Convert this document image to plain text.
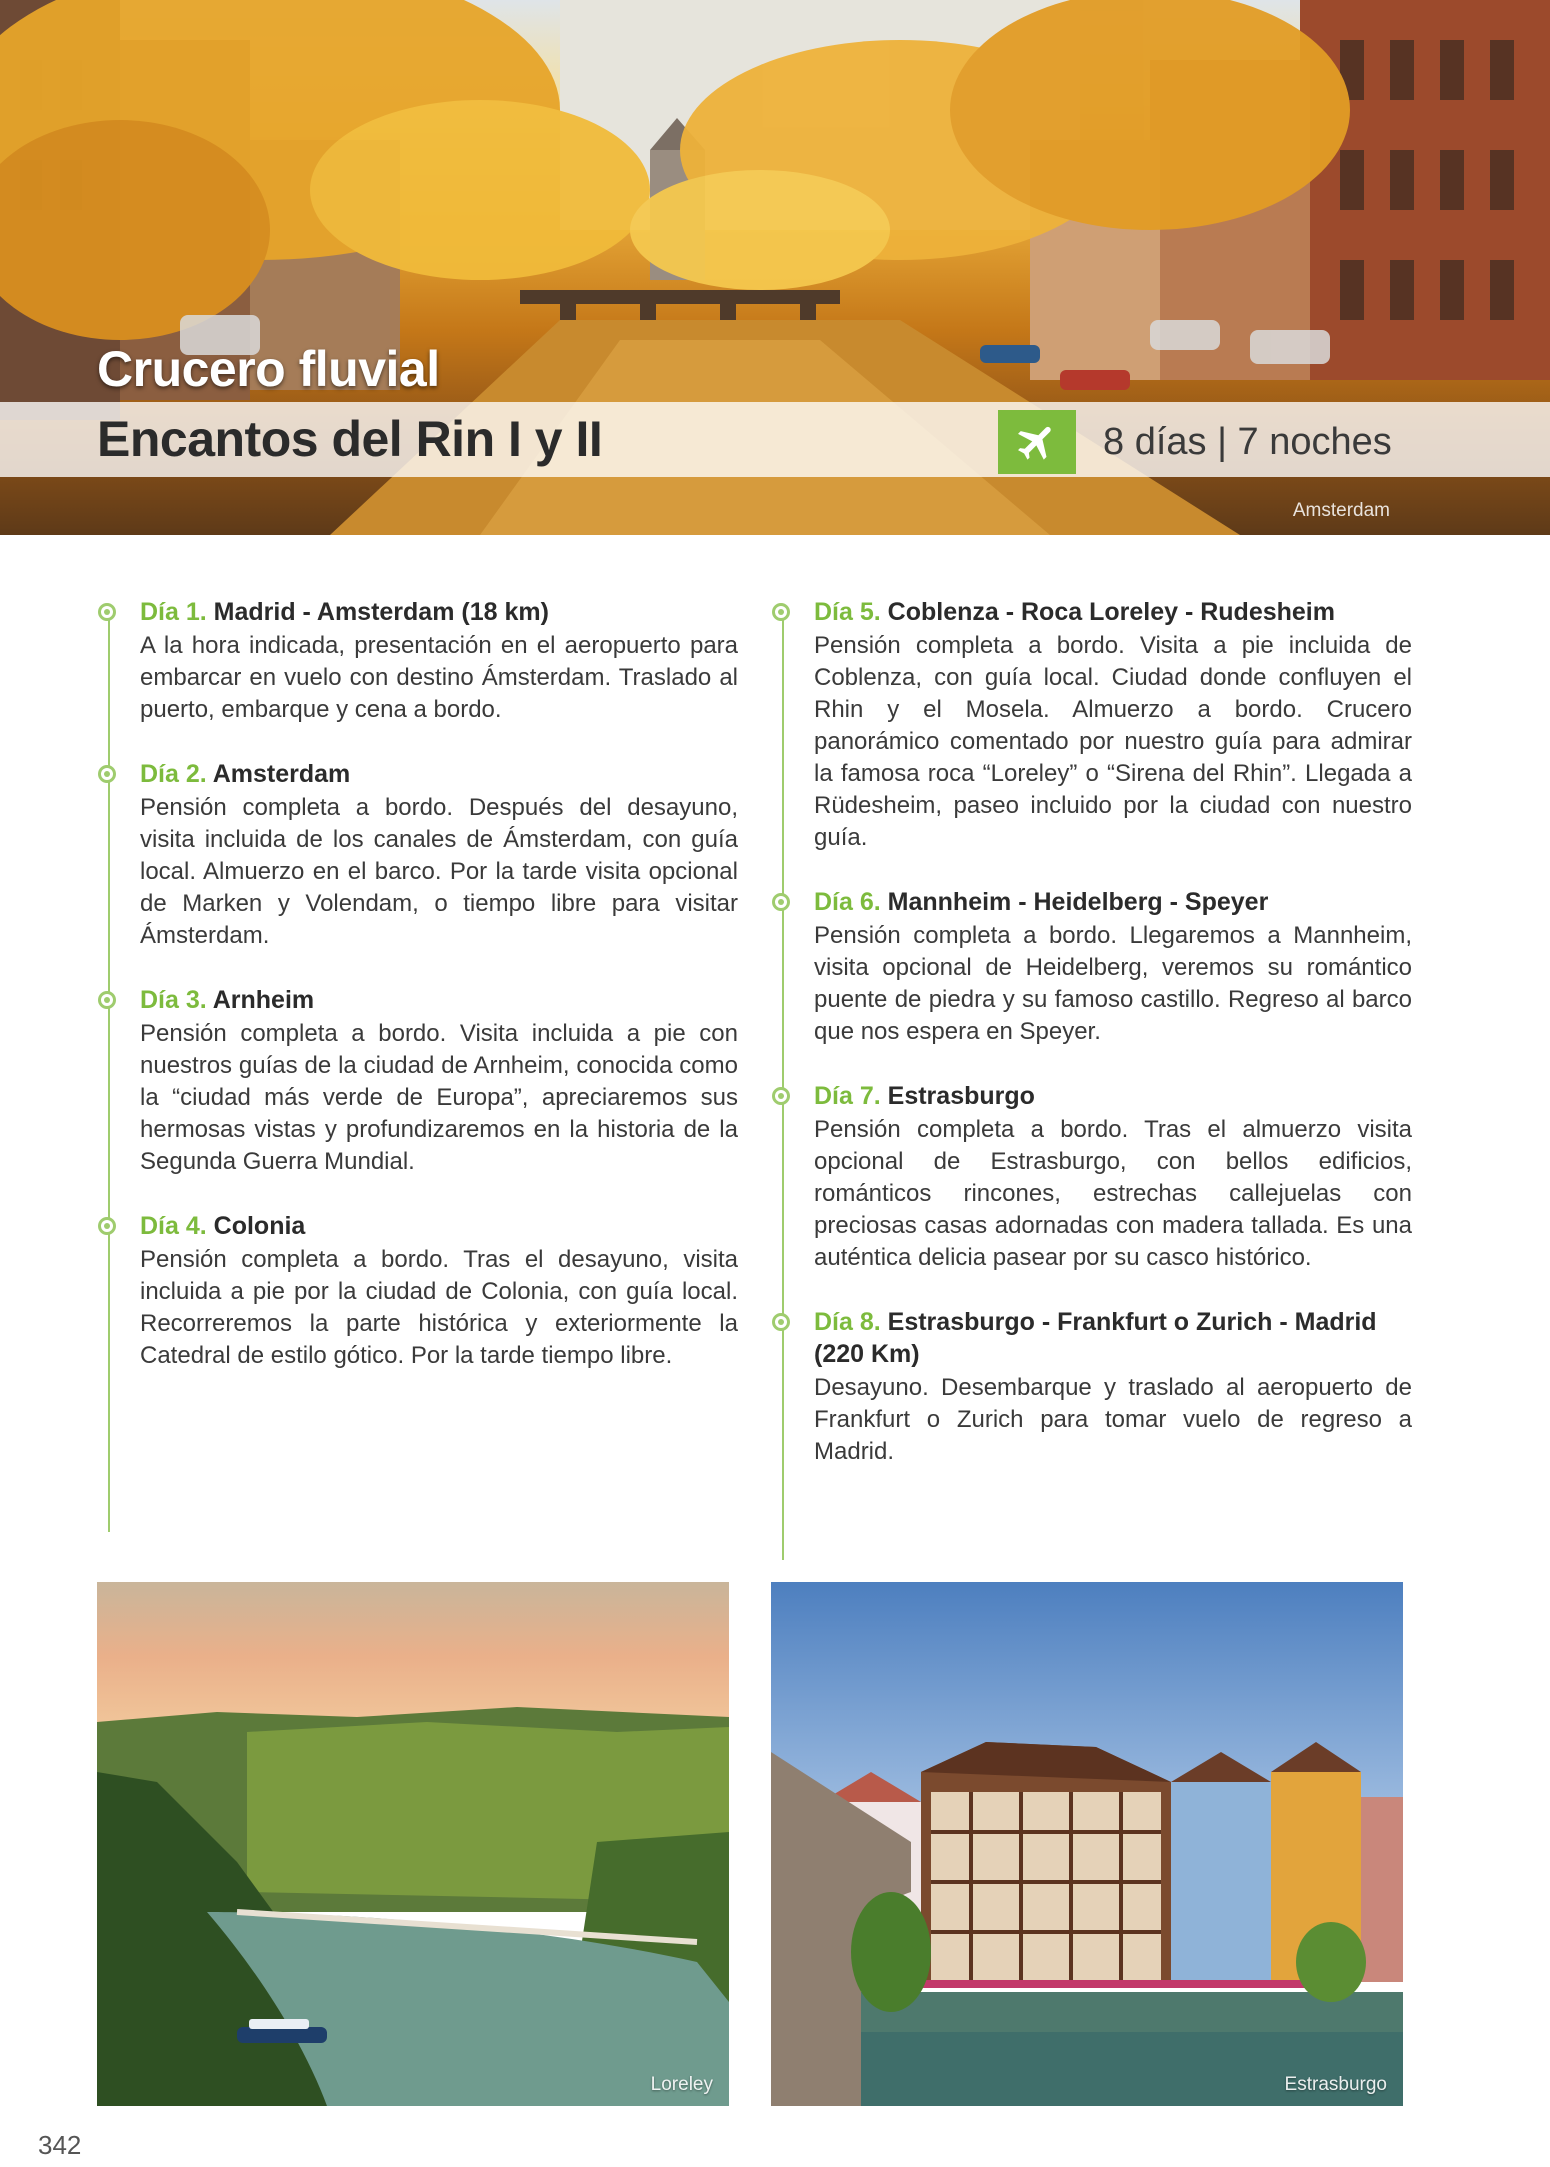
Crucero fluvial
Encantos del Rin I y II	8 días | 7 noches
Amsterdam
Día 1. Madrid - Amsterdam (18 km)
A la hora indicada, presentación en el aeropuerto para embarcar en vuelo con destino Ámsterdam. Traslado al puerto, embarque y cena a bordo.
Día 2. Amsterdam
Pensión completa a bordo. Después del desayuno, visita incluida de los canales de Ámsterdam, con guía local. Almuerzo en el barco. Por la tarde visita opcional de Marken y Volendam, o tiempo libre para visitar Ámsterdam.
Día 3. Arnheim
Pensión completa a bordo. Visita incluida a pie con nuestros guías de la ciudad de Arnheim, conocida como la “ciudad más verde de Europa”, apreciaremos sus hermosas vistas y profundizaremos en la historia de la Segunda Guerra Mundial.
Día 4. Colonia
Pensión completa a bordo. Tras el desayuno, visita incluida a pie por la ciudad de Colonia, con guía local. Recorreremos la parte histórica y exteriormente la Catedral de estilo gótico. Por la tarde tiempo libre.
Día 5. Coblenza - Roca Loreley - Rudesheim
Pensión completa a bordo. Visita a pie incluida de Coblenza, con guía local. Ciudad donde confluyen el Rhin y el Mosela. Almuerzo a bordo. Crucero panorámico comentado por nuestro guía para admirar la famosa roca “Loreley” o “Sirena del Rhin”. Llegada a Rüdesheim, paseo incluido por la ciudad con nuestro guía.
Día 6. Mannheim - Heidelberg - Speyer
Pensión completa a bordo. Llegaremos a Mannheim, visita opcional de Heidelberg, veremos su romántico puente de piedra y su famoso castillo. Regreso al barco que nos espera en Speyer.
Día 7. Estrasburgo
Pensión completa a bordo. Tras el almuerzo visita opcional de Estrasburgo, con bellos edificios, románticos rincones, estrechas callejuelas con preciosas casas adornadas con madera tallada. Es una auténtica delicia pasear por su casco histórico.
Día 8. Estrasburgo - Frankfurt o Zurich - Madrid (220 Km)
Desayuno. Desembarque y traslado al aeropuerto de Frankfurt o Zurich para tomar vuelo de regreso a Madrid.
Loreley	Estrasburgo
342
